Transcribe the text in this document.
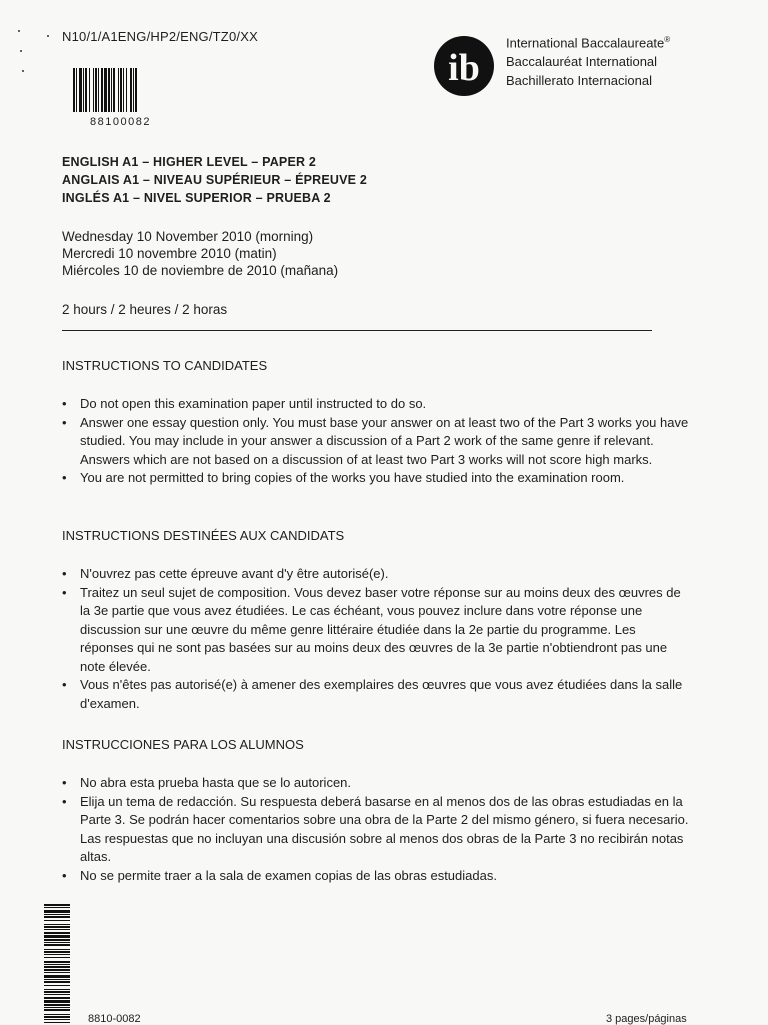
N10/1/A1ENG/HP2/ENG/TZ0/XX
88100082
ib
International Baccalaureate®
Baccalauréat International
Bachillerato Internacional
ENGLISH A1 – HIGHER LEVEL – PAPER 2
ANGLAIS A1 – NIVEAU SUPÉRIEUR – ÉPREUVE 2
INGLÉS A1 – NIVEL SUPERIOR – PRUEBA 2
Wednesday 10 November 2010 (morning)
Mercredi 10 novembre 2010 (matin)
Miércoles 10 de noviembre de 2010 (mañana)
2 hours / 2 heures / 2 horas
INSTRUCTIONS TO CANDIDATES
• Do not open this examination paper until instructed to do so.
• Answer one essay question only. You must base your answer on at least two of the Part 3 works you have studied. You may include in your answer a discussion of a Part 2 work of the same genre if relevant. Answers which are not based on a discussion of at least two Part 3 works will not score high marks.
• You are not permitted to bring copies of the works you have studied into the examination room.
INSTRUCTIONS DESTINÉES AUX CANDIDATS
• N'ouvrez pas cette épreuve avant d'y être autorisé(e).
• Traitez un seul sujet de composition. Vous devez baser votre réponse sur au moins deux des œuvres de la 3e partie que vous avez étudiées. Le cas échéant, vous pouvez inclure dans votre réponse une discussion sur une œuvre du même genre littéraire étudiée dans la 2e partie du programme. Les réponses qui ne sont pas basées sur au moins deux des œuvres de la 3e partie n'obtiendront pas une note élevée.
• Vous n'êtes pas autorisé(e) à amener des exemplaires des œuvres que vous avez étudiées dans la salle d'examen.
INSTRUCCIONES PARA LOS ALUMNOS
• No abra esta prueba hasta que se lo autoricen.
• Elija un tema de redacción. Su respuesta deberá basarse en al menos dos de las obras estudiadas en la Parte 3. Se podrán hacer comentarios sobre una obra de la Parte 2 del mismo género, si fuera necesario. Las respuestas que no incluyan una discusión sobre al menos dos obras de la Parte 3 no recibirán notas altas.
• No se permite traer a la sala de examen copias de las obras estudiadas.
8810-0082	3 pages/páginas
